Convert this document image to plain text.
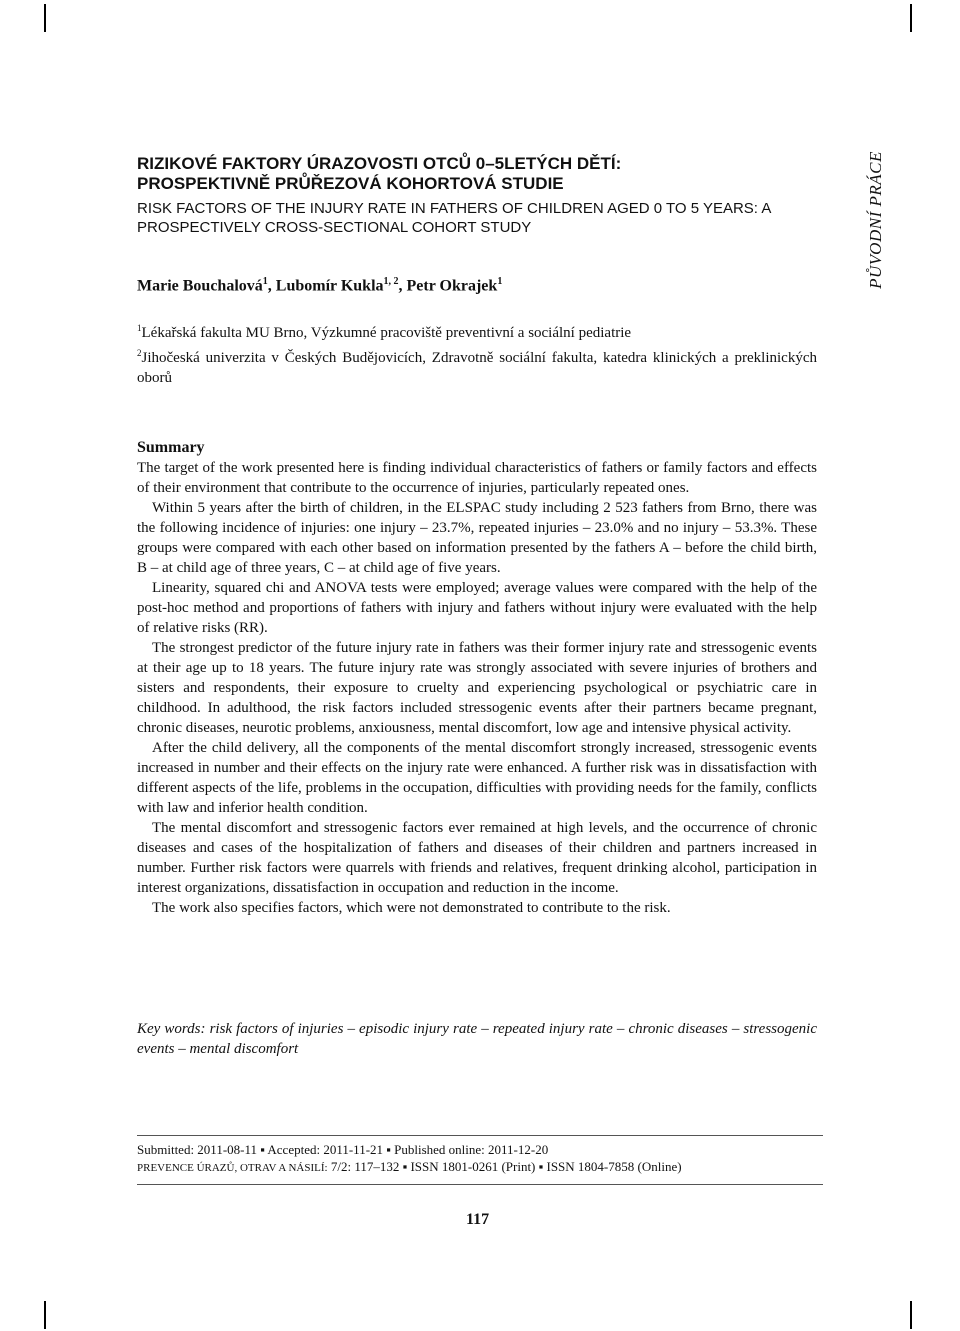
RIZIKOVÉ FAKTORY ÚRAZOVOSTI OTCŮ 0–5LETÝCH DĚTÍ:
PROSPEKTIVNĚ PRŮŘEZOVÁ KOHORTOVÁ STUDIE
RISK FACTORS OF THE INJURY RATE IN FATHERS OF CHILDREN AGED 0 TO 5 YEARS: A PROSPECTIVELY CROSS-SECTIONAL COHORT STUDY
Marie Bouchalová$^1$, Lubomír Kukla$^{1, 2}$, Petr Okrajek$^1$	PŮVODNÍ PRÁCE

$^1$Lékařská fakulta MU Brno, Výzkumné pracoviště preventivní a sociální pediatrie

$^2$Jihočeská univerzita v Českých Budějovicích, Zdravotně sociální fakulta, katedra klinických a preklinických oborů

Summary

The target of the work presented here is finding individual characteristics of fathers or family factors and effects of their environment that contribute to the occurrence of injuries, particularly repeated ones.

Within 5 years after the birth of children, in the ELSPAC study including 2 523 fathers from Brno, there was the following incidence of injuries: one injury – 23.7%, repeated injuries – 23.0% and no injury – 53.3%. These groups were compared with each other based on information presented by the fathers A – before the child birth, B – at child age of three years, C – at child age of five years.

Linearity, squared chi and ANOVA tests were employed; average values were compared with the help of the post-hoc method and proportions of fathers with injury and fathers without injury were evaluated with the help of relative risks (RR).

The strongest predictor of the future injury rate in fathers was their former injury rate and stressogenic events at their age up to 18 years. The future injury rate was strongly associated with severe injuries of brothers and sisters and respondents, their exposure to cruelty and experiencing psychological or psychiatric care in childhood. In adulthood, the risk factors included stressogenic events after their partners became pregnant, chronic diseases, neurotic problems, anxiousness, mental discomfort, low age and intensive physical activity.

After the child delivery, all the components of the mental discomfort strongly increased, stressogenic events increased in number and their effects on the injury rate were enhanced. A further risk was in dissatisfaction with different aspects of the life, problems in the occupation, difficulties with providing needs for the family, conflicts with law and inferior health condition.

The mental discomfort and stressogenic factors ever remained at high levels, and the occurrence of chronic diseases and cases of the hospitalization of fathers and diseases of their children and partners increased in number. Further risk factors were quarrels with friends and relatives, frequent drinking alcohol, participation in interest organizations, dissatisfaction in occupation and reduction in the income.

The work also specifies factors, which were not demonstrated to contribute to the risk.

Key words: risk factors of injuries – episodic injury rate – repeated injury rate – chronic diseases – stressogenic events – mental discomfort
Submitted: 2011-08-11 ▪ Accepted: 2011-11-21 ▪ Published online: 2011-12-20
PREVENCE ÚRAZŮ, OTRAV A NÁSILÍ: 7/2: 117–132 ▪ ISSN 1801-0261 (Print) ▪ ISSN 1804-7858 (Online)
117
